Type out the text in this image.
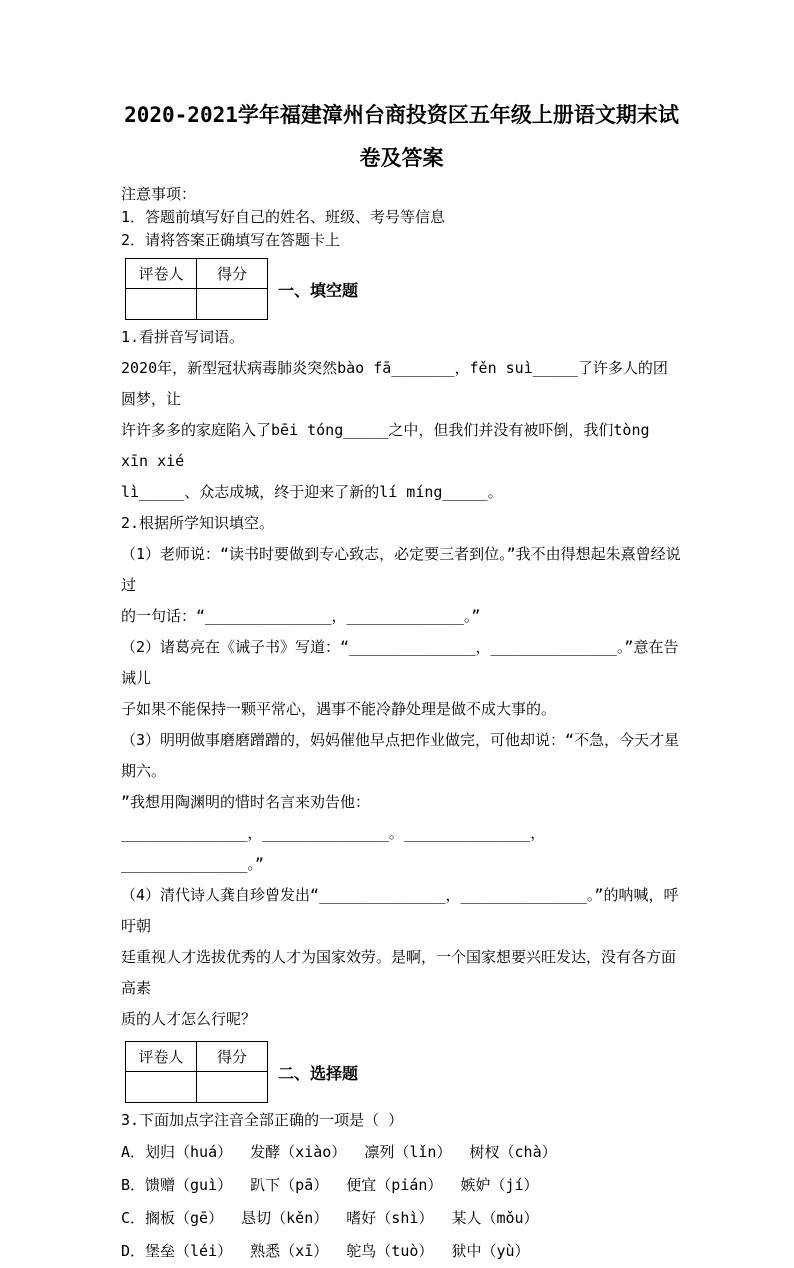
2020-2021学年福建漳州台商投资区五年级上册语文期末试
卷及答案
注意事项：
1．答题前填写好自己的姓名、班级、考号等信息
2．请将答案正确填写在答题卡上
评卷人	得分

一、填空题
1.看拼音写词语。
2020年，新型冠状病毒肺炎突然bào fā_______，fěn suì_____了许多人的团圆梦，让
许许多多的家庭陷入了bēi tóng_____之中，但我们并没有被吓倒，我们tòng xīn xié
lì_____、众志成城，终于迎来了新的lí míng_____。
2.根据所学知识填空。
（1）老师说：“读书时要做到专心致志，必定要三者到位。”我不由得想起朱熹曾经说过
的一句话：“______________，_____________。”
（2）诸葛亮在《诫子书》写道：“______________，______________。”意在告诫儿
子如果不能保持一颗平常心，遇事不能冷静处理是做不成大事的。
（3）明明做事磨磨蹭蹭的，妈妈催他早点把作业做完，可他却说：“不急，今天才星期六。
”我想用陶渊明的惜时名言来劝告他：
______________，______________。______________，______________。”
（4）清代诗人龚自珍曾发出“______________，______________。”的呐喊，呼吁朝
廷重视人才选拔优秀的人才为国家效劳。是啊，一个国家想要兴旺发达，没有各方面高素
质的人才怎么行呢？
评卷人	得分

二、选择题
3.下面加点字注音全部正确的一项是（ ）
A．划归（huá）  发酵（xiào）  凛列（lǐn）  树杈（chà）
B．馈赠（guì）  趴下（pā）  便宜（pián）  嫉妒（jí）
C．搁板（gē）  恳切（kěn）  嗜好（shì）  某人（mǒu）
D．堡垒（léi）  熟悉（xī）  鸵鸟（tuò）  狱中（yù）
